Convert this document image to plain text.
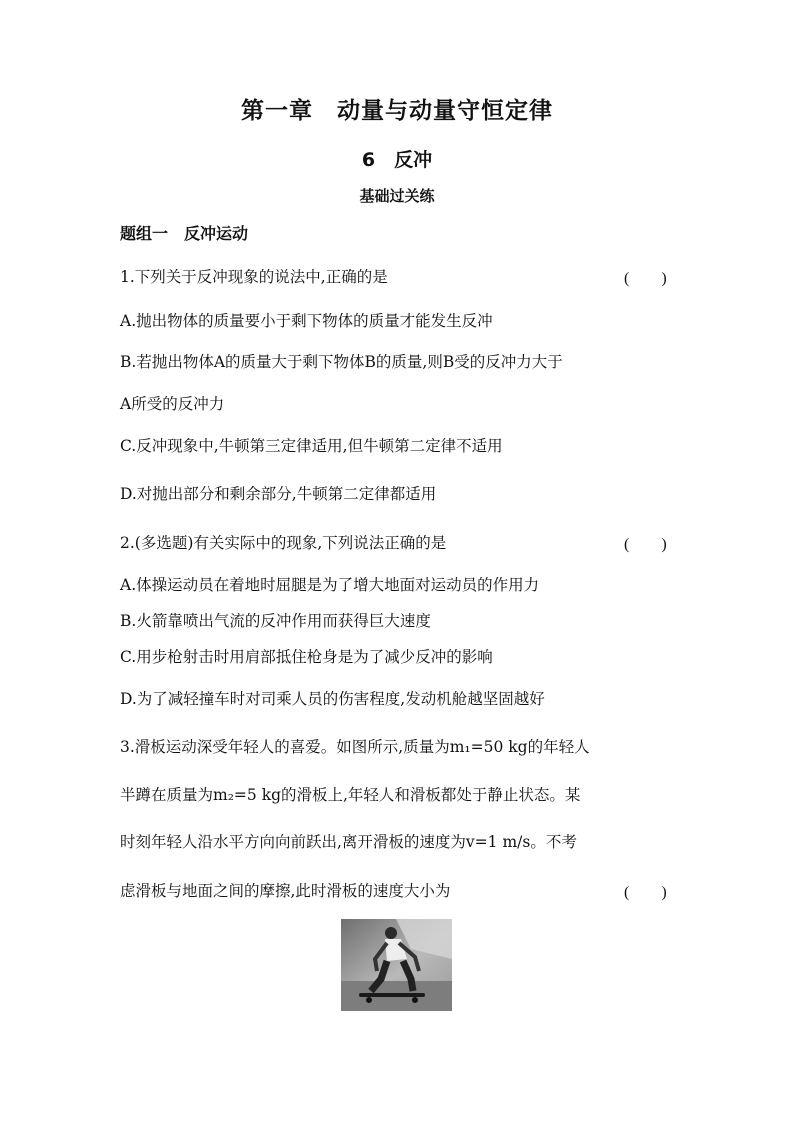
第一章　动量与动量守恒定律
6　反冲
基础过关练
题组一　反冲运动
1.下列关于反冲现象的说法中,正确的是	(　　)
A.抛出物体的质量要小于剩下物体的质量才能发生反冲
B.若抛出物体A的质量大于剩下物体B的质量,则B受的反冲力大于
A所受的反冲力
C.反冲现象中,牛顿第三定律适用,但牛顿第二定律不适用
D.对抛出部分和剩余部分,牛顿第二定律都适用
2.(多选题)有关实际中的现象,下列说法正确的是	(　　)
A.体操运动员在着地时屈腿是为了增大地面对运动员的作用力
B.火箭靠喷出气流的反冲作用而获得巨大速度
C.用步枪射击时用肩部抵住枪身是为了减少反冲的影响
D.为了减轻撞车时对司乘人员的伤害程度,发动机舱越坚固越好
3.滑板运动深受年轻人的喜爱。如图所示,质量为m₁=50 kg的年轻人
半蹲在质量为m₂=5 kg的滑板上,年轻人和滑板都处于静止状态。某
时刻年轻人沿水平方向向前跃出,离开滑板的速度为v=1 m/s。不考
虑滑板与地面之间的摩擦,此时滑板的速度大小为	(　　)
